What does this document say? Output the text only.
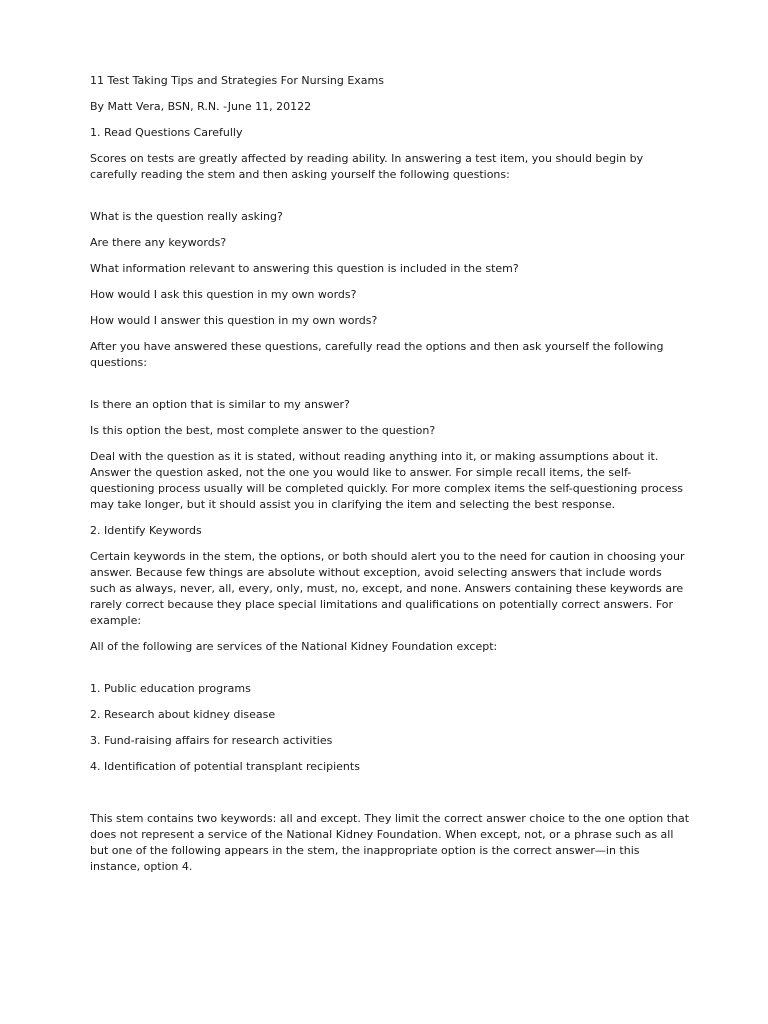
11 Test Taking Tips and Strategies For Nursing Exams

By Matt Vera, BSN, R.N. -June 11, 20122

1. Read Questions Carefully

Scores on tests are greatly affected by reading ability. In answering a test item, you should begin by carefully reading the stem and then asking yourself the following questions:

What is the question really asking?

Are there any keywords?

What information relevant to answering this question is included in the stem?

How would I ask this question in my own words?

How would I answer this question in my own words?

After you have answered these questions, carefully read the options and then ask yourself the following questions:

Is there an option that is similar to my answer?

Is this option the best, most complete answer to the question?

Deal with the question as it is stated, without reading anything into it, or making assumptions about it. Answer the question asked, not the one you would like to answer. For simple recall items, the self-questioning process usually will be completed quickly. For more complex items the self-questioning process may take longer, but it should assist you in clarifying the item and selecting the best response.

2. Identify Keywords

Certain keywords in the stem, the options, or both should alert you to the need for caution in choosing your answer. Because few things are absolute without exception, avoid selecting answers that include words such as always, never, all, every, only, must, no, except, and none. Answers containing these keywords are rarely correct because they place special limitations and qualifications on potentially correct answers. For example:

All of the following are services of the National Kidney Foundation except:

1. Public education programs

2. Research about kidney disease

3. Fund-raising affairs for research activities

4. Identification of potential transplant recipients

This stem contains two keywords: all and except. They limit the correct answer choice to the one option that does not represent a service of the National Kidney Foundation. When except, not, or a phrase such as all but one of the following appears in the stem, the inappropriate option is the correct answer—in this instance, option 4.
